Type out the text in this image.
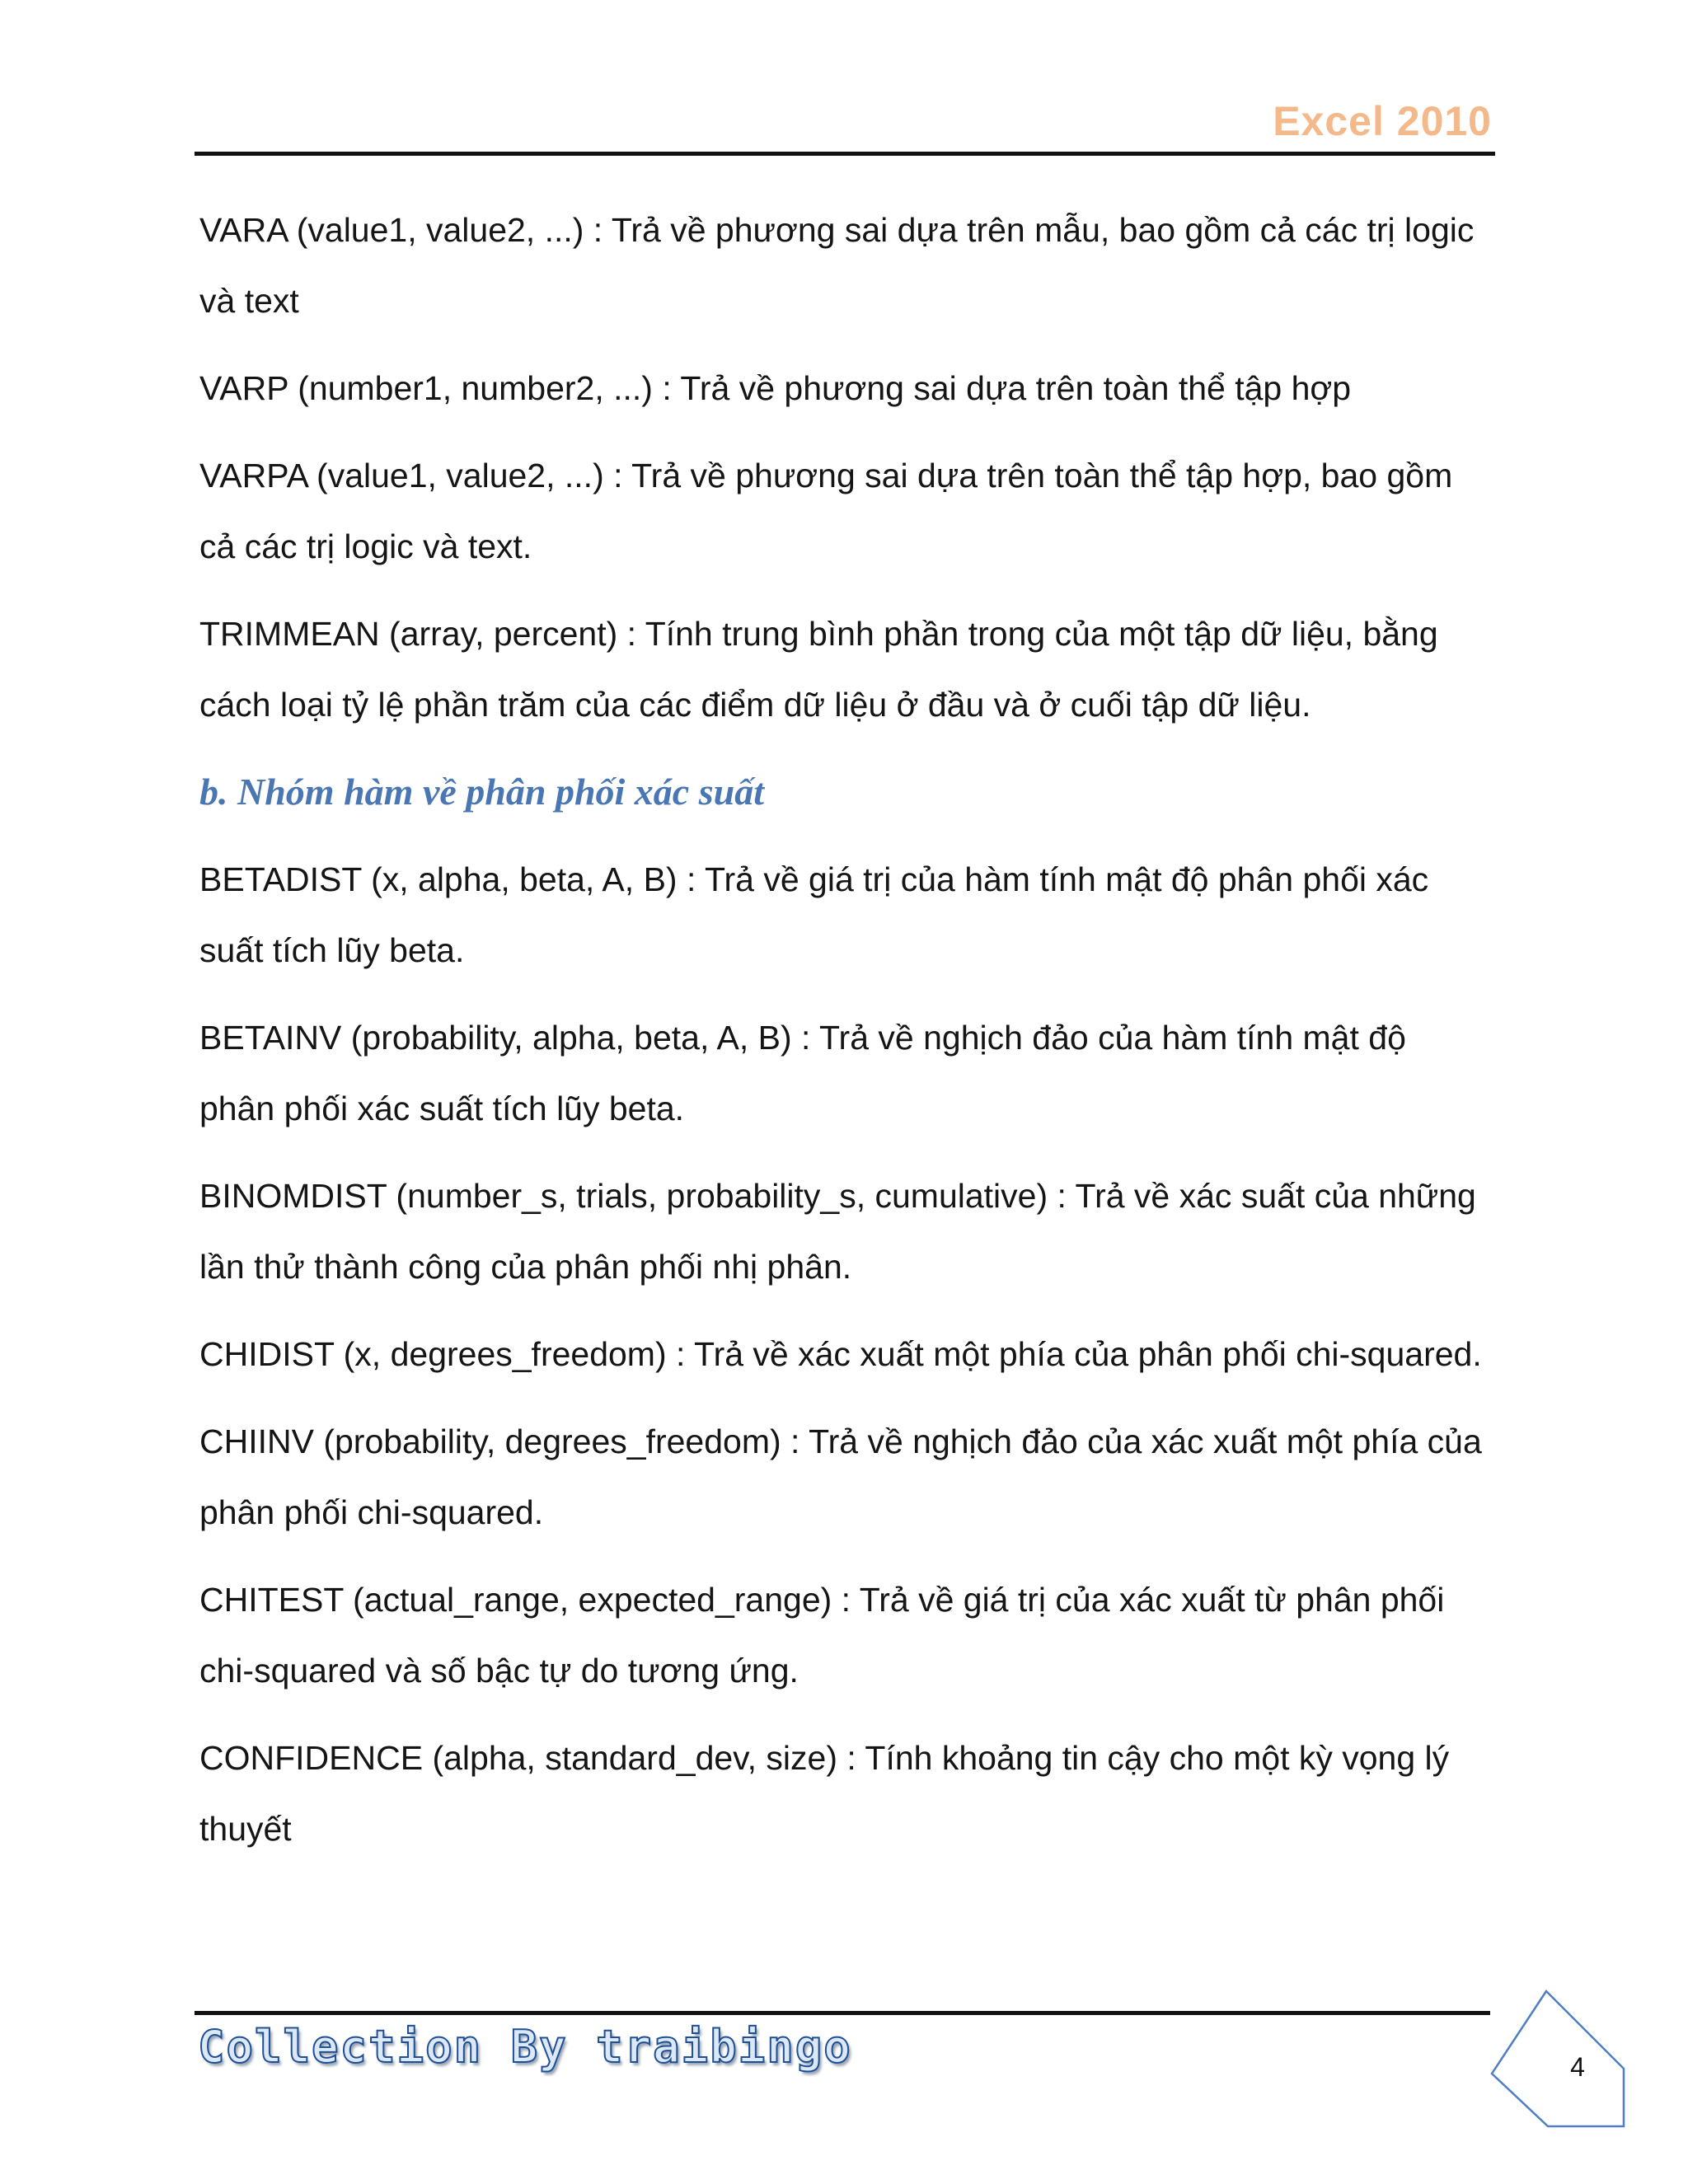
Excel 2010

VARA (value1, value2, ...) : Trả về phương sai dựa trên mẫu, bao gồm cả các trị logic và text

VARP (number1, number2, ...) : Trả về phương sai dựa trên toàn thể tập hợp

VARPA (value1, value2, ...) : Trả về phương sai dựa trên toàn thể tập hợp, bao gồm cả các trị logic và text.

TRIMMEAN (array, percent) : Tính trung bình phần trong của một tập dữ liệu, bằng cách loại tỷ lệ phần trăm của các điểm dữ liệu ở đầu và ở cuối tập dữ liệu.

b. Nhóm hàm về phân phối xác suất

BETADIST (x, alpha, beta, A, B) : Trả về giá trị của hàm tính mật độ phân phối xác suất tích lũy beta.

BETAINV (probability, alpha, beta, A, B) : Trả về nghịch đảo của hàm tính mật độ phân phối xác suất tích lũy beta.

BINOMDIST (number_s, trials, probability_s, cumulative) : Trả về xác suất của những lần thử thành công của phân phối nhị phân.

CHIDIST (x, degrees_freedom) : Trả về xác xuất một phía của phân phối chi-squared.

CHIINV (probability, degrees_freedom) : Trả về nghịch đảo của xác xuất một phía của phân phối chi-squared.

CHITEST (actual_range, expected_range) : Trả về giá trị của xác xuất từ phân phối chi-squared và số bậc tự do tương ứng.

CONFIDENCE (alpha, standard_dev, size) : Tính khoảng tin cậy cho một kỳ vọng lý thuyết

Collection By traibingo	4
